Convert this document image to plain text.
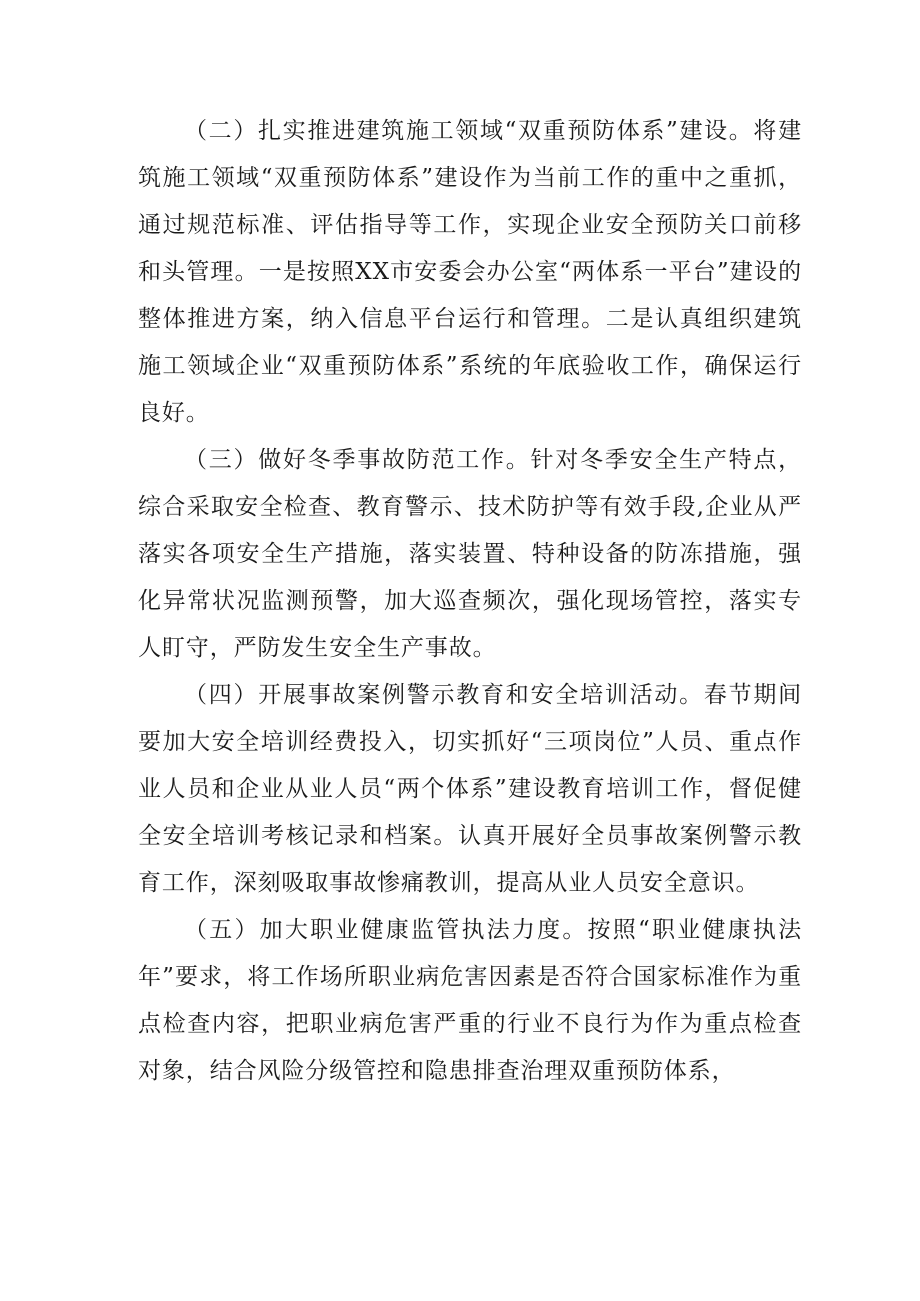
（二）扎实推进建筑施工领域“双重预防体系”建设。将建筑施工领域“双重预防体系”建设作为当前工作的重中之重抓，通过规范标准、评估指导等工作，实现企业安全预防关口前移和头管理。一是按照XX市安委会办公室“两体系一平台”建设的整体推进方案，纳入信息平台运行和管理。二是认真组织建筑施工领域企业“双重预防体系”系统的年底验收工作，确保运行良好。

（三）做好冬季事故防范工作。针对冬季安全生产特点，综合采取安全检查、教育警示、技术防护等有效手段,企业从严落实各项安全生产措施，落实装置、特种设备的防冻措施，强化异常状况监测预警，加大巡查频次，强化现场管控，落实专人盯守，严防发生安全生产事故。

（四）开展事故案例警示教育和安全培训活动。春节期间要加大安全培训经费投入，切实抓好“三项岗位”人员、重点作业人员和企业从业人员“两个体系”建设教育培训工作，督促健全安全培训考核记录和档案。认真开展好全员事故案例警示教育工作，深刻吸取事故惨痛教训，提高从业人员安全意识。

（五）加大职业健康监管执法力度。按照“职业健康执法年”要求，将工作场所职业病危害因素是否符合国家标准作为重点检查内容，把职业病危害严重的行业不良行为作为重点检查对象，结合风险分级管控和隐患排查治理双重预防体系，
